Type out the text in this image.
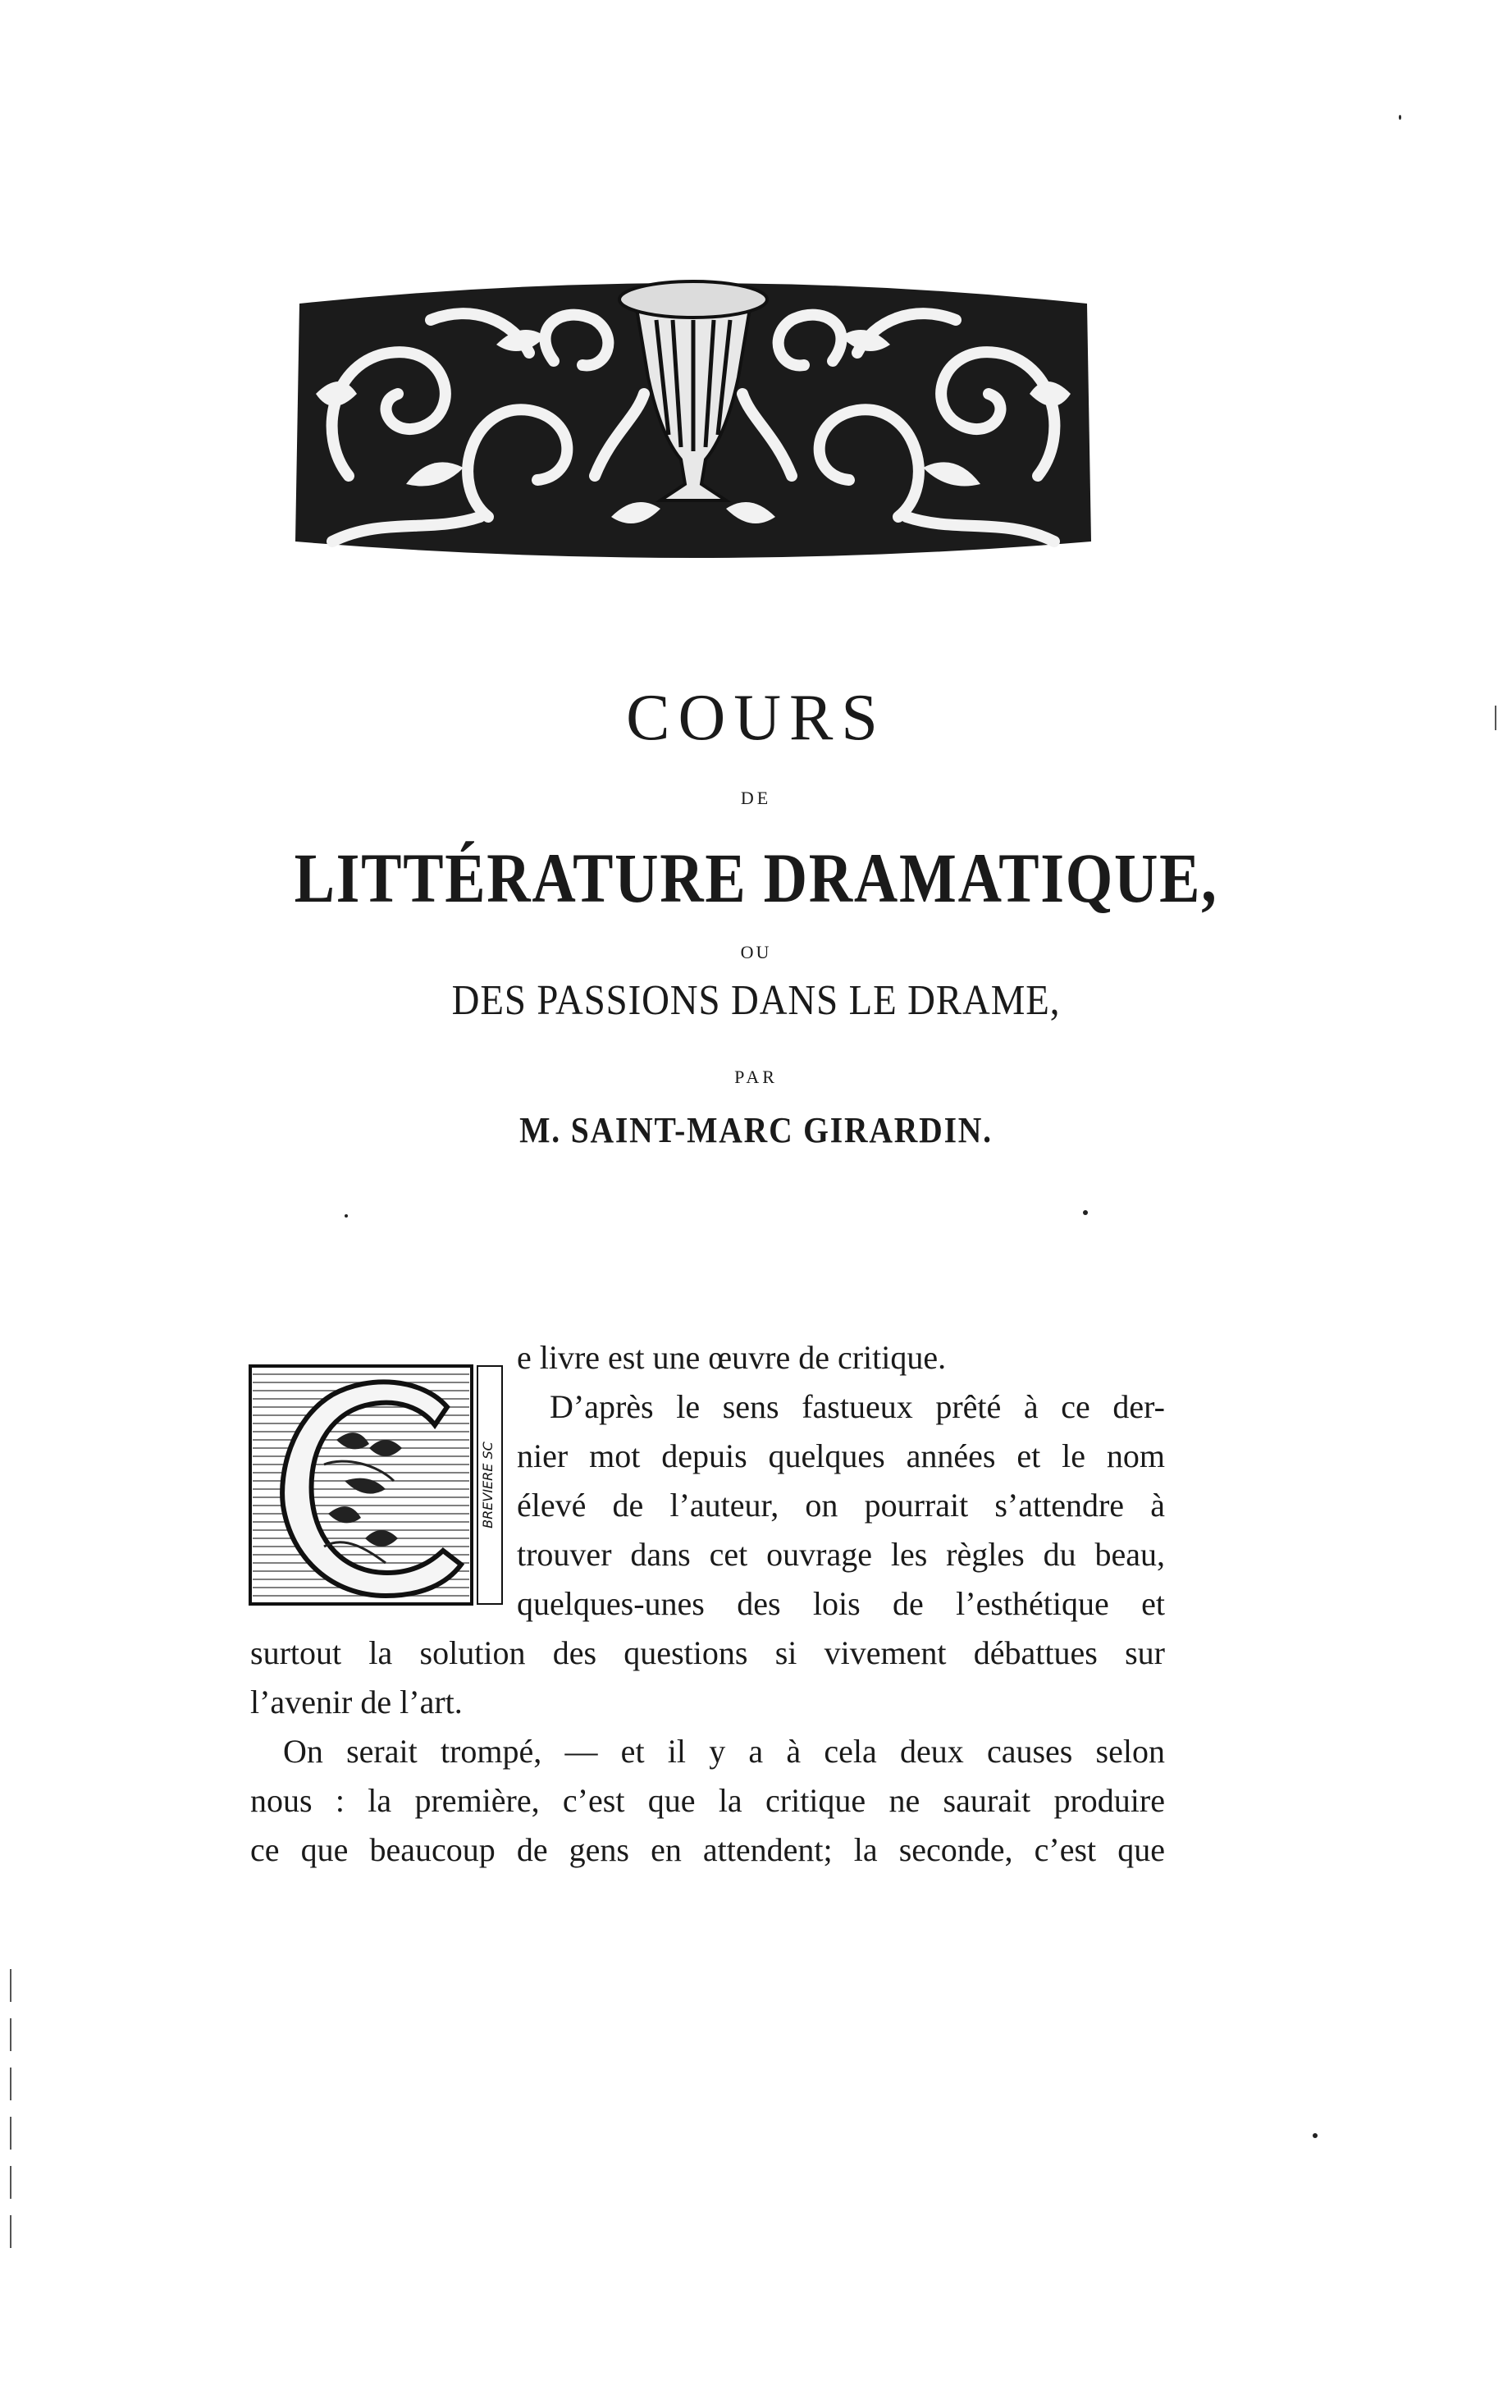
COURS
DE
LITTÉRATURE DRAMATIQUE,
OU
DES PASSIONS DANS LE DRAME,
PAR
M. SAINT-MARC GIRARDIN.
BREVIERE SC
e livre est une œuvre de critique.
D’après le sens fastueux prêté à ce der-
nier mot depuis quelques années et le nom
élevé de l’auteur, on pourrait s’attendre à
trouver dans cet ouvrage les règles du beau,
quelques-unes des lois de l’esthétique et
surtout la solution des questions si vivement débattues sur
l’avenir de l’art.
On serait trompé, — et il y a à cela deux causes selon
nous : la première, c’est que la critique ne saurait produire
ce que beaucoup de gens en attendent; la seconde, c’est que
